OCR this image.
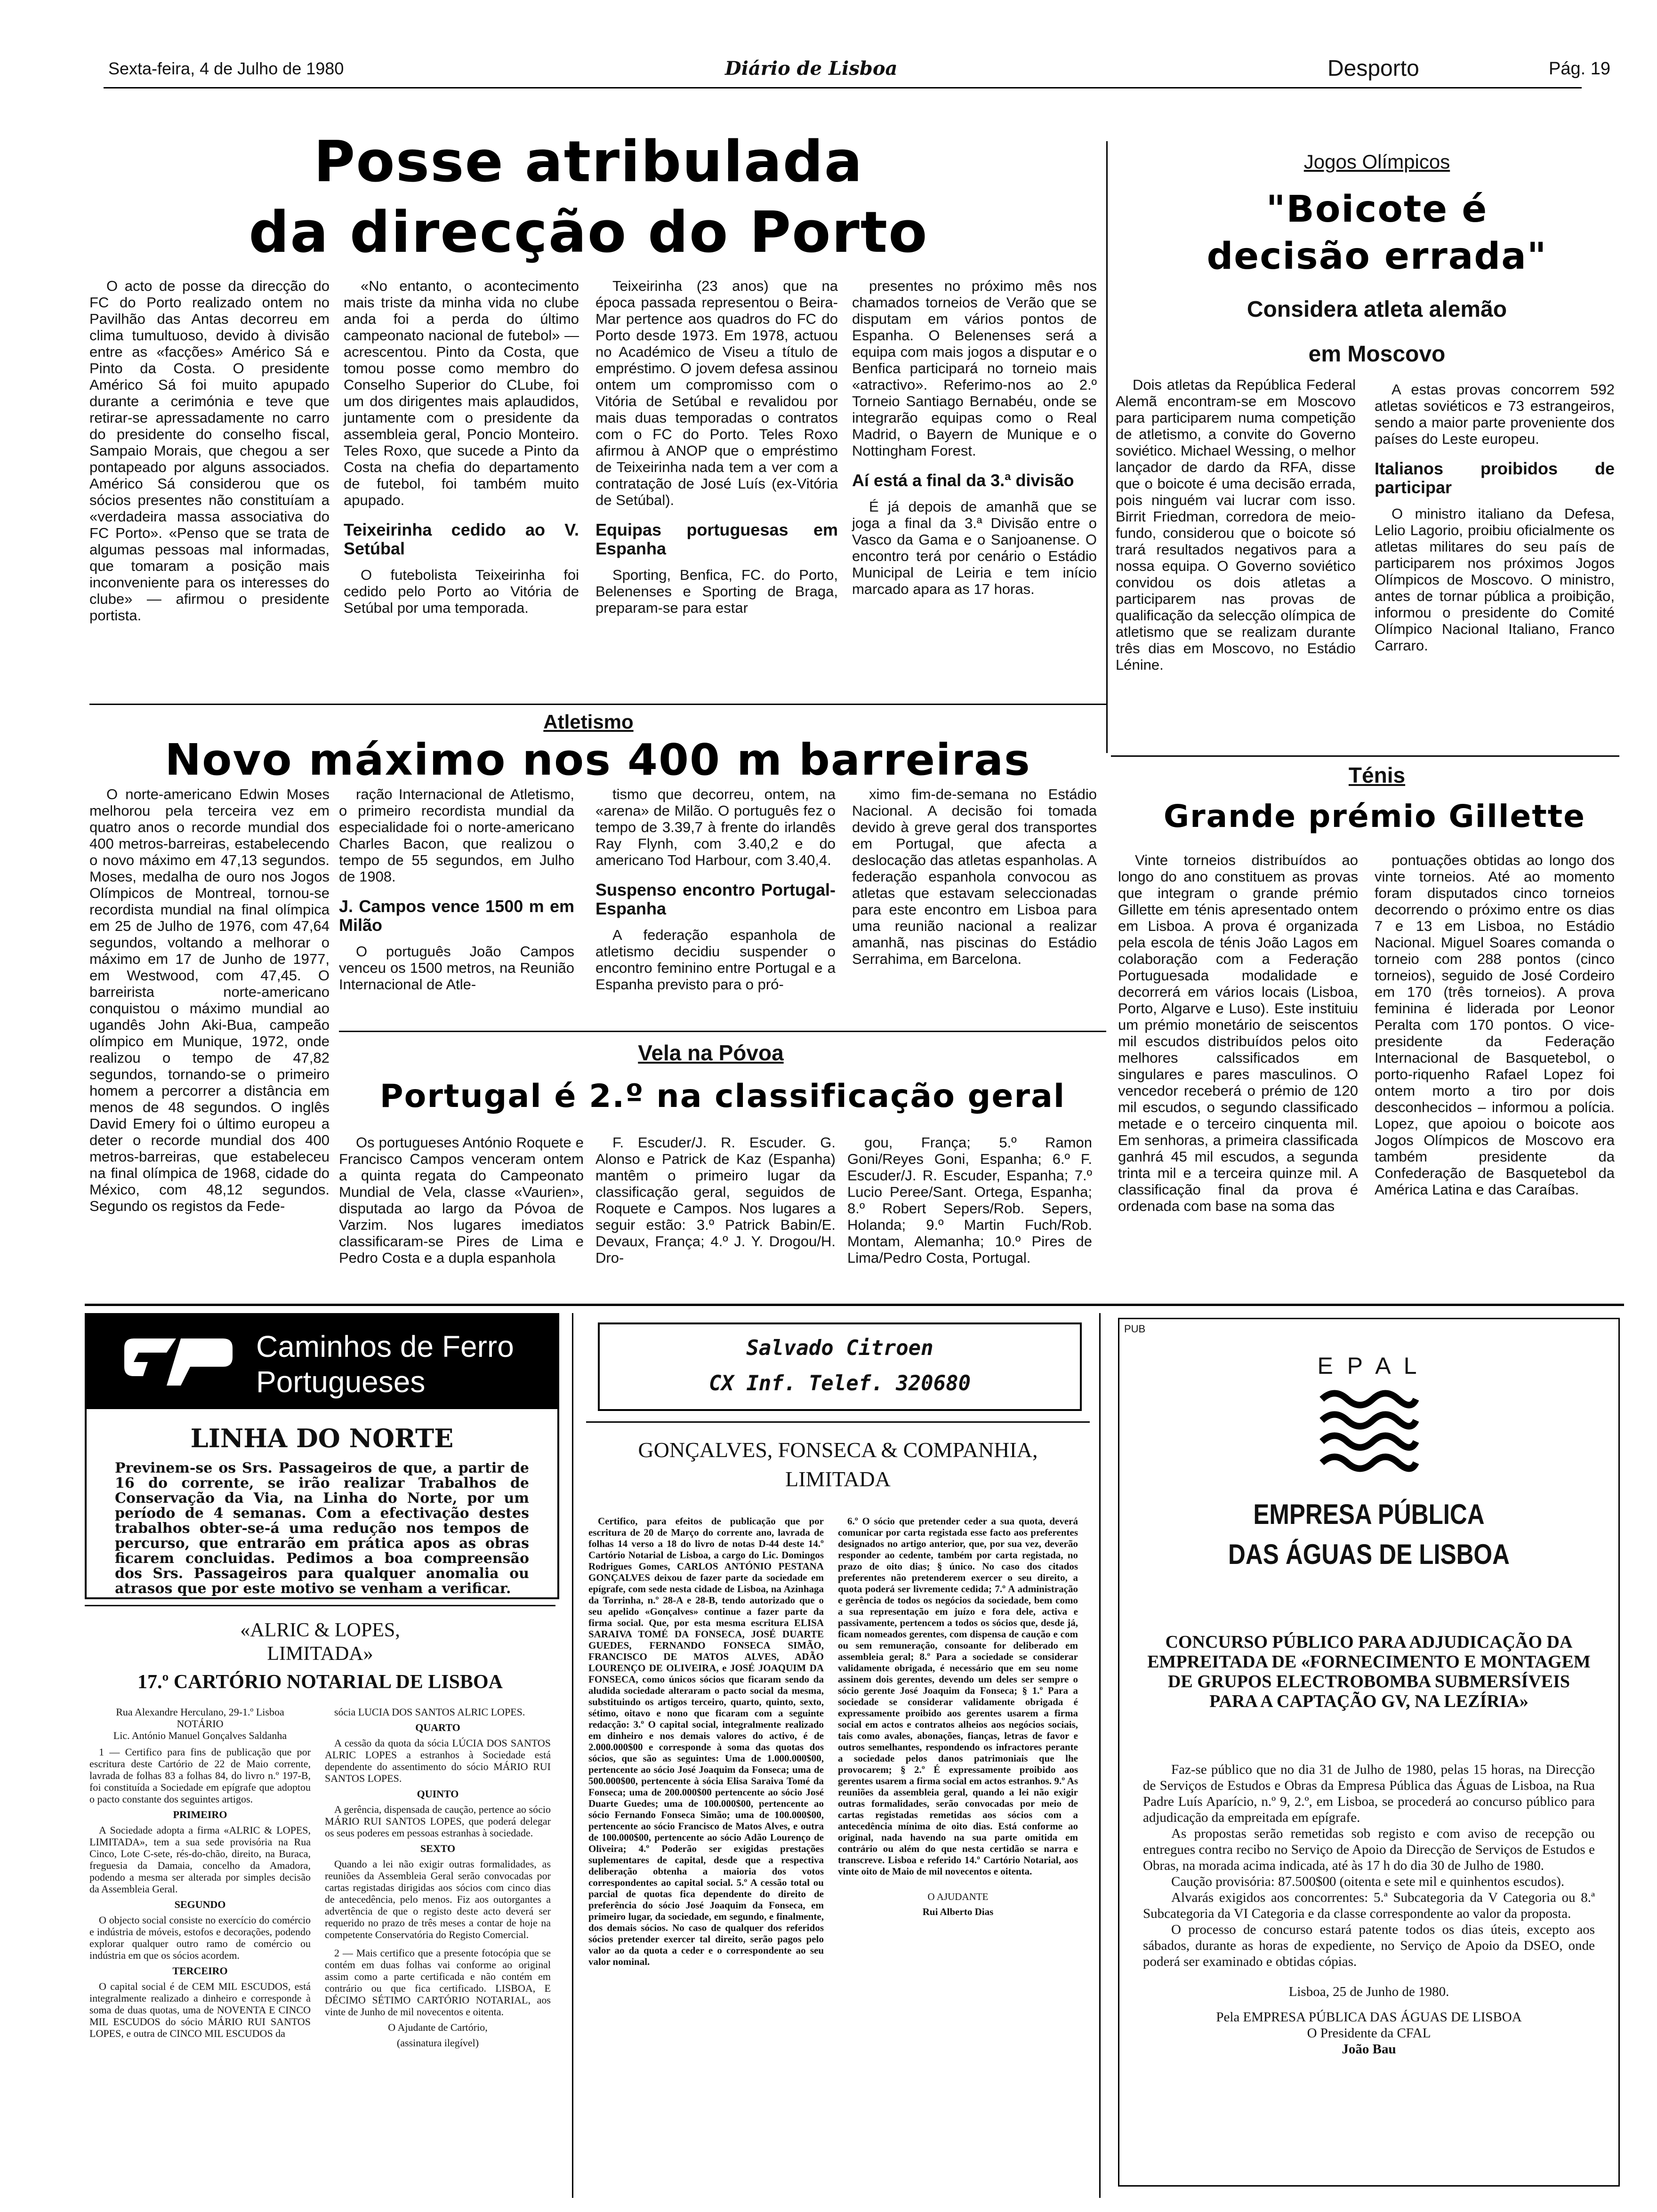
Sexta-feira, 4 de Julho de 1980	Diário de Lisboa	Desporto	Pág. 19
Posse atribulada
da direcção do Porto

O acto de posse da direcção do FC do Porto realizado ontem no Pavilhão das Antas decorreu em clima tumultuoso, devido à divisão entre as «facções» Américo Sá e Pinto da Costa. O presidente Américo Sá foi muito apupado durante a cerimónia e teve que retirar-se apressadamente no carro do presidente do conselho fiscal, Sampaio Morais, que chegou a ser pontapeado por alguns associados. Américo Sá considerou que os sócios presentes não constituíam a «verdadeira massa associativa do FC Porto». «Penso que se trata de algumas pessoas mal informadas, que tomaram a posição mais inconveniente para os interesses do clube» — afirmou o presidente portista.

«No entanto, o acontecimento mais triste da minha vida no clube anda foi a perda do último campeonato nacional de futebol» — acrescentou. Pinto da Costa, que tomou posse como membro do Conselho Superior do CLube, foi um dos dirigentes mais aplaudidos, juntamente com o presidente da assembleia geral, Poncio Monteiro. Teles Roxo, que sucede a Pinto da Costa na chefia do departamento de futebol, foi também muito apupado.

Teixeirinha cedido ao V. Setúbal

O futebolista Teixeirinha foi cedido pelo Porto ao Vitória de Setúbal por uma temporada.

Teixeirinha (23 anos) que na época passada representou o Beira-Mar pertence aos quadros do FC do Porto desde 1973. Em 1978, actuou no Académico de Viseu a título de empréstimo. O jovem defesa assinou ontem um compromisso com o Vitória de Setúbal e revalidou por mais duas temporadas o contratos com o FC do Porto. Teles Roxo afirmou à ANOP que o empréstimo de Teixeirinha nada tem a ver com a contratação de José Luís (ex-Vitória de Setúbal).

Equipas portuguesas em Espanha

Sporting, Benfica, FC. do Porto, Belenenses e Sporting de Braga, preparam-se para estar

presentes no próximo mês nos chamados torneios de Verão que se disputam em vários pontos de Espanha. O Belenenses será a equipa com mais jogos a disputar e o Benfica participará no torneio mais «atractivo». Referimo-nos ao 2.º Torneio Santiago Bernabéu, onde se integrarão equipas como o Real Madrid, o Bayern de Munique e o Nottingham Forest.

Aí está a final da 3.ª divisão

É já depois de amanhã que se joga a final da 3.ª Divisão entre o Vasco da Gama e o Sanjoanense. O encontro terá por cenário o Estádio Municipal de Leiria e tem início marcado apara as 17 horas.

Jogos Olímpicos
"Boicote é
decisão errada"
Considera atleta alemão
em Moscovo

Dois atletas da República Federal Alemã encontram-se em Moscovo para participarem numa competição de atletismo, a convite do Governo soviético. Michael Wessing, o melhor lançador de dardo da RFA, disse que o boicote é uma decisão errada, pois ninguém vai lucrar com isso. Birrit Friedman, corredora de meio-fundo, considerou que o boicote só trará resultados negativos para a nossa equipa. O Governo soviético convidou os dois atletas a participarem nas provas de qualificação da selecção olímpica de atletismo que se realizam durante três dias em Moscovo, no Estádio Lénine.

A estas provas concorrem 592 atletas soviéticos e 73 estrangeiros, sendo a maior parte proveniente dos países do Leste europeu.

Italianos proibidos de participar

O ministro italiano da Defesa, Lelio Lagorio, proibiu oficialmente os atletas militares do seu país de participarem nos próximos Jogos Olímpicos de Moscovo. O ministro, antes de tornar pública a proibição, informou o presidente do Comité Olímpico Nacional Italiano, Franco Carraro.

Atletismo
Novo máximo nos 400 m barreiras

O norte-americano Edwin Moses melhorou pela terceira vez em quatro anos o recorde mundial dos 400 metros-barreiras, estabelecendo o novo máximo em 47,13 segundos. Moses, medalha de ouro nos Jogos Olímpicos de Montreal, tornou-se recordista mundial na final olímpica em 25 de Julho de 1976, com 47,64 segundos, voltando a melhorar o máximo em 17 de Junho de 1977, em Westwood, com 47,45. O barreirista norte-americano conquistou o máximo mundial ao ugandês John Aki-Bua, campeão olímpico em Munique, 1972, onde realizou o tempo de 47,82 segundos, tornando-se o primeiro homem a percorrer a distância em menos de 48 segundos. O inglês David Emery foi o último europeu a deter o recorde mundial dos 400 metros-barreiras, que estabeleceu na final olímpica de 1968, cidade do México, com 48,12 segundos. Segundo os registos da Fede-

ração Internacional de Atletismo, o primeiro recordista mundial da especialidade foi o norte-americano Charles Bacon, que realizou o tempo de 55 segundos, em Julho de 1908.

J. Campos vence 1500 m em Milão

O português João Campos venceu os 1500 metros, na Reunião Internacional de Atle-

tismo que decorreu, ontem, na «arena» de Milão. O português fez o tempo de 3.39,7 à frente do irlandês Ray Flynh, com 3.40,2 e do americano Tod Harbour, com 3.40,4.

Suspenso encontro Portugal-Espanha

A federação espanhola de atletismo decidiu suspender o encontro feminino entre Portugal e a Espanha previsto para o pró-

ximo fim-de-semana no Estádio Nacional. A decisão foi tomada devido à greve geral dos transportes em Portugal, que afecta a deslocação das atletas espanholas. A federação espanhola convocou as atletas que estavam seleccionadas para este encontro em Lisboa para uma reunião nacional a realizar amanhã, nas piscinas do Estádio Serrahima, em Barcelona.

Vela na Póvoa
Portugal é 2.º na classificação geral

Os portugueses António Roquete e Francisco Campos venceram ontem a quinta regata do Campeonato Mundial de Vela, classe «Vaurien», disputada ao largo da Póvoa de Varzim. Nos lugares imediatos classificaram-se Pires de Lima e Pedro Costa e a dupla espanhola

F. Escuder/J. R. Escuder. G. Alonso e Patrick de Kaz (Espanha) mantêm o primeiro lugar da classificação geral, seguidos de Roquete e Campos. Nos lugares a seguir estão: 3.º Patrick Babin/E. Devaux, França; 4.º J. Y. Drogou/H. Dro-

gou, França; 5.º Ramon Goni/Reyes Goni, Espanha; 6.º F. Escuder/J. R. Escuder, Espanha; 7.º Lucio Peree/Sant. Ortega, Espanha; 8.º Robert Sepers/Rob. Sepers, Holanda; 9.º Martin Fuch/Rob. Montam, Alemanha; 10.º Pires de Lima/Pedro Costa, Portugal.

Ténis
Grande prémio Gillette

Vinte torneios distribuídos ao longo do ano constituem as provas que integram o grande prémio Gillette em ténis apresentado ontem em Lisboa. A prova é organizada pela escola de ténis João Lagos em colaboração com a Federação Portuguesada modalidade e decorrerá em vários locais (Lisboa, Porto, Algarve e Luso). Este instituiu um prémio monetário de seiscentos mil escudos distribuídos pelos oito melhores calssificados em singulares e pares masculinos. O vencedor receberá o prémio de 120 mil escudos, o segundo classificado metade e o terceiro cinquenta mil. Em senhoras, a primeira classificada ganhrá 45 mil escudos, a segunda trinta mil e a terceira quinze mil. A classificação final da prova é ordenada com base na soma das

pontuações obtidas ao longo dos vinte torneios. Até ao momento foram disputados cinco torneios decorrendo o próximo entre os dias 7 e 13 em Lisboa, no Estádio Nacional. Miguel Soares comanda o torneio com 288 pontos (cinco torneios), seguido de José Cordeiro em 170 (três torneios). A prova feminina é liderada por Leonor Peralta com 170 pontos. O vice-presidente da Federação Internacional de Basquetebol, o porto-riquenho Rafael Lopez foi ontem morto a tiro por dois desconhecidos – informou a polícia. Lopez, que apoiou o boicote aos Jogos Olímpicos de Moscovo era também presidente da Confederação de Basquetebol da América Latina e das Caraíbas.

Caminhos de Ferro
Portugueses
LINHA DO NORTE
Previnem-se os Srs. Passageiros de que, a partir de 16 do corrente, se irão realizar Trabalhos de Conservação da Via, na Linha do Norte, por um período de 4 semanas. Com a efectivação destes trabalhos obter-se-á uma redução nos tempos de percurso, que entrarão em prática apos as obras ficarem concluidas. Pedimos a boa compreensão dos Srs. Passageiros para qualquer anomalia ou atrasos que por este motivo se venham a verificar.
«ALRIC & LOPES,
LIMITADA»
17.º CARTÓRIO NOTARIAL DE LISBOA

Rua Alexandre Herculano, 29-1.º Lisboa

NOTÁRIO

Lic. António Manuel Gonçalves Saldanha

1 — Certifico para fins de publicação que por escritura deste Cartório de 22 de Maio corrente, lavrada de folhas 83 a folhas 84, do livro n.º 197-B, foi constituída a Sociedade em epígrafe que adoptou o pacto constante dos seguintes artigos.

PRIMEIRO

A Sociedade adopta a firma «ALRIC & LOPES, LIMITADA», tem a sua sede provisória na Rua Cinco, Lote C-sete, rés-do-chão, direito, na Buraca, freguesia da Damaia, concelho da Amadora, podendo a mesma ser alterada por simples decisão da Assembleia Geral.

SEGUNDO

O objecto social consiste no exercício do comércio e indústria de móveis, estofos e decorações, podendo explorar qualquer outro ramo de comércio ou indústria em que os sócios acordem.

TERCEIRO

O capital social é de CEM MIL ESCUDOS, está integralmente realizado a dinheiro e corresponde à soma de duas quotas, uma de NOVENTA E CINCO MIL ESCUDOS do sócio MÁRIO RUI SANTOS LOPES, e outra de CINCO MIL ESCUDOS da

sócia LUCIA DOS SANTOS ALRIC LOPES.

QUARTO

A cessão da quota da sócia LÚCIA DOS SANTOS ALRIC LOPES a estranhos à Sociedade está dependente do assentimento do sócio MÁRIO RUI SANTOS LOPES.

QUINTO

A gerência, dispensada de caução, pertence ao sócio MÁRIO RUI SANTOS LOPES, que poderá delegar os seus poderes em pessoas estranhas à sociedade.

SEXTO

Quando a lei não exigir outras formalidades, as reuniões da Assembleia Geral serão convocadas por cartas registadas dirigidas aos sócios com cinco dias de antecedência, pelo menos. Fiz aos outorgantes a advertência de que o registo deste acto deverá ser requerido no prazo de três meses a contar de hoje na competente Conservatória do Registo Comercial.

2 — Mais certifico que a presente fotocópia que se contém em duas folhas vai conforme ao original assim como a parte certificada e não contém em contrário ou que fica certificado. LISBOA, E DÉCIMO SÉTIMO CARTÓRIO NOTARIAL, aos vinte de Junho de mil novecentos e oitenta.

O Ajudante de Cartório,

(assinatura ilegível)

Salvado Citroen
CX Inf. Telef. 320680
GONÇALVES, FONSECA & COMPANHIA, LIMITADA

Certifico, para efeitos de publicação que por escritura de 20 de Março do corrente ano, lavrada de folhas 14 verso a 18 do livro de notas D-44 deste 14.º Cartório Notarial de Lisboa, a cargo do Lic. Domingos Rodrigues Gomes, CARLOS ANTÓNIO PESTANA GONÇALVES deixou de fazer parte da sociedade em epígrafe, com sede nesta cidade de Lisboa, na Azinhaga da Torrinha, n.º 28-A e 28-B, tendo autorizado que o seu apelido «Gonçalves» continue a fazer parte da firma social. Que, por esta mesma escritura ELISA SARAIVA TOMÉ DA FONSECA, JOSÉ DUARTE GUEDES, FERNANDO FONSECA SIMÃO, FRANCISCO DE MATOS ALVES, ADÃO LOURENÇO DE OLIVEIRA, e JOSÉ JOAQUIM DA FONSECA, como únicos sócios que ficaram sendo da aludida sociedade alteraram o pacto social da mesma, substituindo os artigos terceiro, quarto, quinto, sexto, sétimo, oitavo e nono que ficaram com a seguinte redacção: 3.º O capital social, integralmente realizado em dinheiro e nos demais valores do activo, é de 2.000.000$00 e corresponde à soma das quotas dos sócios, que são as seguintes: Uma de 1.000.000$00, pertencente ao sócio José Joaquim da Fonseca; uma de 500.000$00, pertencente à sócia Elisa Saraiva Tomé da Fonseca; uma de 200.000$00 pertencente ao sócio José Duarte Guedes; uma de 100.000$00, pertencente ao sócio Fernando Fonseca Simão; uma de 100.000$00, pertencente ao sócio Francisco de Matos Alves, e outra de 100.000$00, pertencente ao sócio Adão Lourenço de Oliveira; 4.º Poderão ser exigidas prestações suplementares de capital, desde que a respectiva deliberação obtenha a maioria dos votos correspondentes ao capital social. 5.º A cessão total ou parcial de quotas fica dependente do direito de preferência do sócio José Joaquim da Fonseca, em primeiro lugar, da sociedade, em segundo, e finalmente, dos demais sócios. No caso de qualquer dos referidos sócios pretender exercer tal direito, serão pagos pelo valor ao da quota a ceder e o correspondente ao seu valor nominal.

6.º O sócio que pretender ceder a sua quota, deverá comunicar por carta registada esse facto aos preferentes designados no artigo anterior, que, por sua vez, deverão responder ao cedente, também por carta registada, no prazo de oito dias; § único. No caso dos citados preferentes não pretenderem exercer o seu direito, a quota poderá ser livremente cedida; 7.º A administração e gerência de todos os negócios da sociedade, bem como a sua representação em juízo e fora dele, activa e passivamente, pertencem a todos os sócios que, desde já, ficam nomeados gerentes, com dispensa de caução e com ou sem remuneração, consoante for deliberado em assembleia geral; 8.º Para a sociedade se considerar validamente obrigada, é necessário que em seu nome assinem dois gerentes, devendo um deles ser sempre o sócio gerente José Joaquim da Fonseca; § 1.º Para a sociedade se considerar validamente obrigada é expressamente proibido aos gerentes usarem a firma social em actos e contratos alheios aos negócios sociais, tais como avales, abonações, fianças, letras de favor e outros semelhantes, respondendo os infractores perante a sociedade pelos danos patrimoniais que lhe provocarem; § 2.º É expressamente proibido aos gerentes usarem a firma social em actos estranhos. 9.º As reuniões da assembleia geral, quando a lei não exigir outras formalidades, serão convocadas por meio de cartas registadas remetidas aos sócios com a antecedência mínima de oito dias. Está conforme ao original, nada havendo na sua parte omitida em contrário ou além do que nesta certidão se narra e transcreve. Lisboa e referido 14.º Cartório Notarial, aos vinte oito de Maio de mil novecentos e oitenta.

O AJUDANTE

Rui Alberto Dias

PUB
E P A L
EMPRESA PÚBLICA
DAS ÁGUAS DE LISBOA
CONCURSO PÚBLICO PARA ADJUDICAÇÃO DA EMPREITADA DE «FORNECIMENTO E MONTAGEM DE GRUPOS ELECTROBOMBA SUBMERSÍVEIS PARA A CAPTAÇÃO GV, NA LEZÍRIA»

Faz-se público que no dia 31 de Julho de 1980, pelas 15 horas, na Direcção de Serviços de Estudos e Obras da Empresa Pública das Águas de Lisboa, na Rua Padre Luís Aparício, n.º 9, 2.º, em Lisboa, se procederá ao concurso público para adjudicação da empreitada em epígrafe.

As propostas serão remetidas sob registo e com aviso de recepção ou entregues contra recibo no Serviço de Apoio da Direcção de Serviços de Estudos e Obras, na morada acima indicada, até às 17 h do dia 30 de Julho de 1980.

Caução provisória: 87.500$00 (oitenta e sete mil e quinhentos escudos).

Alvarás exigidos aos concorrentes: 5.ª Subcategoria da V Categoria ou 8.ª Subcategoria da VI Categoria e da classe correspondente ao valor da proposta.

O processo de concurso estará patente todos os dias úteis, excepto aos sábados, durante as horas de expediente, no Serviço de Apoio da DSEO, onde poderá ser examinado e obtidas cópias.

Lisboa, 25 de Junho de 1980.

Pela EMPRESA PÚBLICA DAS ÁGUAS DE LISBOA

O Presidente da CFAL

João Bau
